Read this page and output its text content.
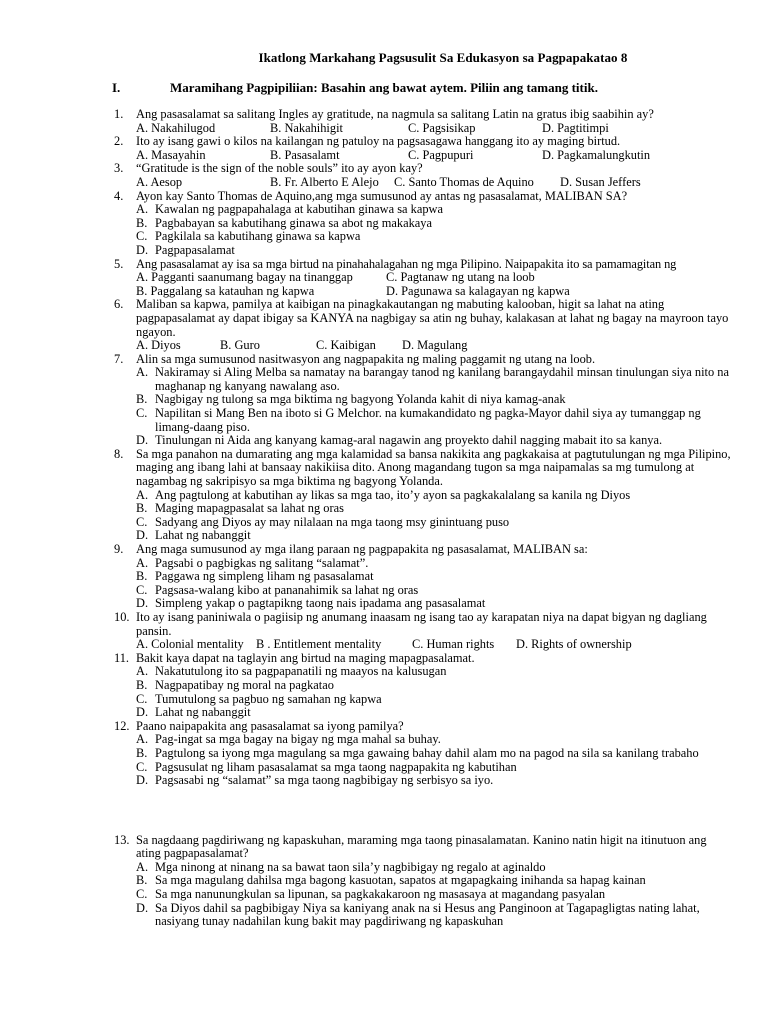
Ikatlong Markahang Pagsusulit Sa Edukasyon sa Pagpapakatao 8
I.	Maramihang Pagpipiliian: Basahin ang bawat aytem. Piliin ang tamang titik.
1.	Ang pasasalamat sa salitang Ingles ay gratitude, na nagmula sa salitang Latin na gratus ibig saabihin ay?
A. Nakahilugod	B. Nakahihigit	C. Pagsisikap	D. Pagtitimpi
2.	Ito ay isang gawi o kilos na kailangan ng patuloy na pagsasagawa hanggang ito ay maging birtud.
A. Masayahin	B. Pasasalamt	C. Pagpupuri	D. Pagkamalungkutin
3.	“Gratitude is the sign of the noble souls” ito ay ayon kay?
A. Aesop	B. Fr. Alberto E Alejo	C. Santo Thomas de Aquino	D. Susan Jeffers
4.	Ayon kay Santo Thomas de Aquino,ang mga sumusunod ay antas ng pasasalamat, MALIBAN SA?
A. Kawalan ng pagpapahalaga at kabutihan ginawa sa kapwa
B. Pagbabayan sa kabutihang ginawa sa abot ng makakaya
C. Pagkilala sa kabutihang ginawa sa kapwa
D. Pagpapasalamat
5.	Ang pasasalamat ay isa sa mga birtud na pinahahalagahan ng mga Pilipino. Naipapakita ito sa pamamagitan ng
A. Pagganti saanumang bagay na tinanggap	C. Pagtanaw ng utang na loob
B. Paggalang sa katauhan ng kapwa	D. Pagunawa sa kalagayan ng kapwa
6.	Maliban sa kapwa, pamilya at kaibigan na pinagkakautangan ng mabuting kalooban, higit sa lahat na ating pagpapasalamat ay dapat ibigay sa KANYA na nagbigay sa atin ng buhay, kalakasan at lahat ng bagay na mayroon tayo ngayon.
A. Diyos	B. Guro	C. Kaibigan	D. Magulang
7.	Alin sa mga sumusunod nasitwasyon ang nagpapakita ng maling paggamit ng utang na loob.
A. Nakiramay si Aling Melba sa namatay na barangay tanod ng kanilang barangaydahil minsan tinulungan siya nito na maghanap ng kanyang nawalang aso.
B. Nagbigay ng tulong sa mga biktima ng bagyong Yolanda kahit di niya kamag-anak
C. Napilitan si Mang Ben na iboto si G Melchor. na kumakandidato ng pagka-Mayor dahil siya ay tumanggap ng limang-daang piso.
D. Tinulungan ni Aida ang kanyang kamag-aral nagawin ang proyekto dahil nagging mabait ito sa kanya.
8.	Sa mga panahon na dumarating ang mga kalamidad sa bansa nakikita ang pagkakaisa at pagtutulungan ng mga Pilipino, maging ang ibang lahi at bansaay nakikiisa dito. Anong magandang tugon sa mga naipamalas sa mg tumulong at nagambag ng sakripisyo sa mga biktima ng bagyong Yolanda.
A. Ang pagtulong at kabutihan ay likas sa mga tao, ito’y ayon sa pagkakalalang sa kanila ng Diyos
B. Maging mapagpasalat sa lahat ng oras
C. Sadyang ang Diyos ay may nilalaan na mga taong msy ginintuang puso
D. Lahat ng nabanggit
9.	Ang maga sumusunod ay mga ilang paraan ng pagpapakita ng pasasalamat, MALIBAN sa:
A. Pagsabi o pagbigkas ng salitang “salamat”.
B. Paggawa ng simpleng liham ng pasasalamat
C. Pagsasa-walang kibo at pananahimik sa lahat ng oras
D. Simpleng yakap o pagtapikng taong nais ipadama ang pasasalamat
10. Ito ay isang paniniwala o pagiisip ng anumang inaasam ng isang tao ay karapatan niya na dapat bigyan ng dagliang pansin.
A. Colonial mentality B . Entitlement mentality	C. Human rights	D. Rights of ownership
11. Bakit kaya dapat na taglayin ang birtud na maging mapagpasalamat.
A. Nakatutulong ito sa pagpapanatili ng maayos na kalusugan
B. Nagpapatibay ng moral na pagkatao
C. Tumutulong sa pagbuo ng samahan ng kapwa
D. Lahat ng nabanggit
12. Paano naipapakita ang pasasalamat sa iyong pamilya?
A. Pag-ingat sa mga bagay na bigay ng mga mahal sa buhay.
B. Pagtulong sa iyong mga magulang sa mga gawaing bahay dahil alam mo na pagod na sila sa kanilang trabaho
C. Pagsusulat ng liham pasasalamat sa mga taong nagpapakita ng kabutihan
D. Pagsasabi ng “salamat” sa mga taong nagbibigay ng serbisyo sa iyo.
13. Sa nagdaang pagdiriwang ng kapaskuhan, maraming mga taong pinasalamatan. Kanino natin higit na itinutuon ang ating pagpapasalamat?
A. Mga ninong at ninang na sa bawat taon sila’y nagbibigay ng regalo at aginaldo
B. Sa mga magulang dahilsa mga bagong kasuotan, sapatos at mgapagkaing inihanda sa hapag kainan
C. Sa mga nanunungkulan sa lipunan, sa pagkakakaroon ng masasaya at magandang pasyalan
D. Sa Diyos dahil sa pagbibigay Niya sa kaniyang anak na si Hesus ang Panginoon at Tagapagligtas nating lahat, nasiyang tunay nadahilan kung bakit may pagdiriwang ng kapaskuhan
